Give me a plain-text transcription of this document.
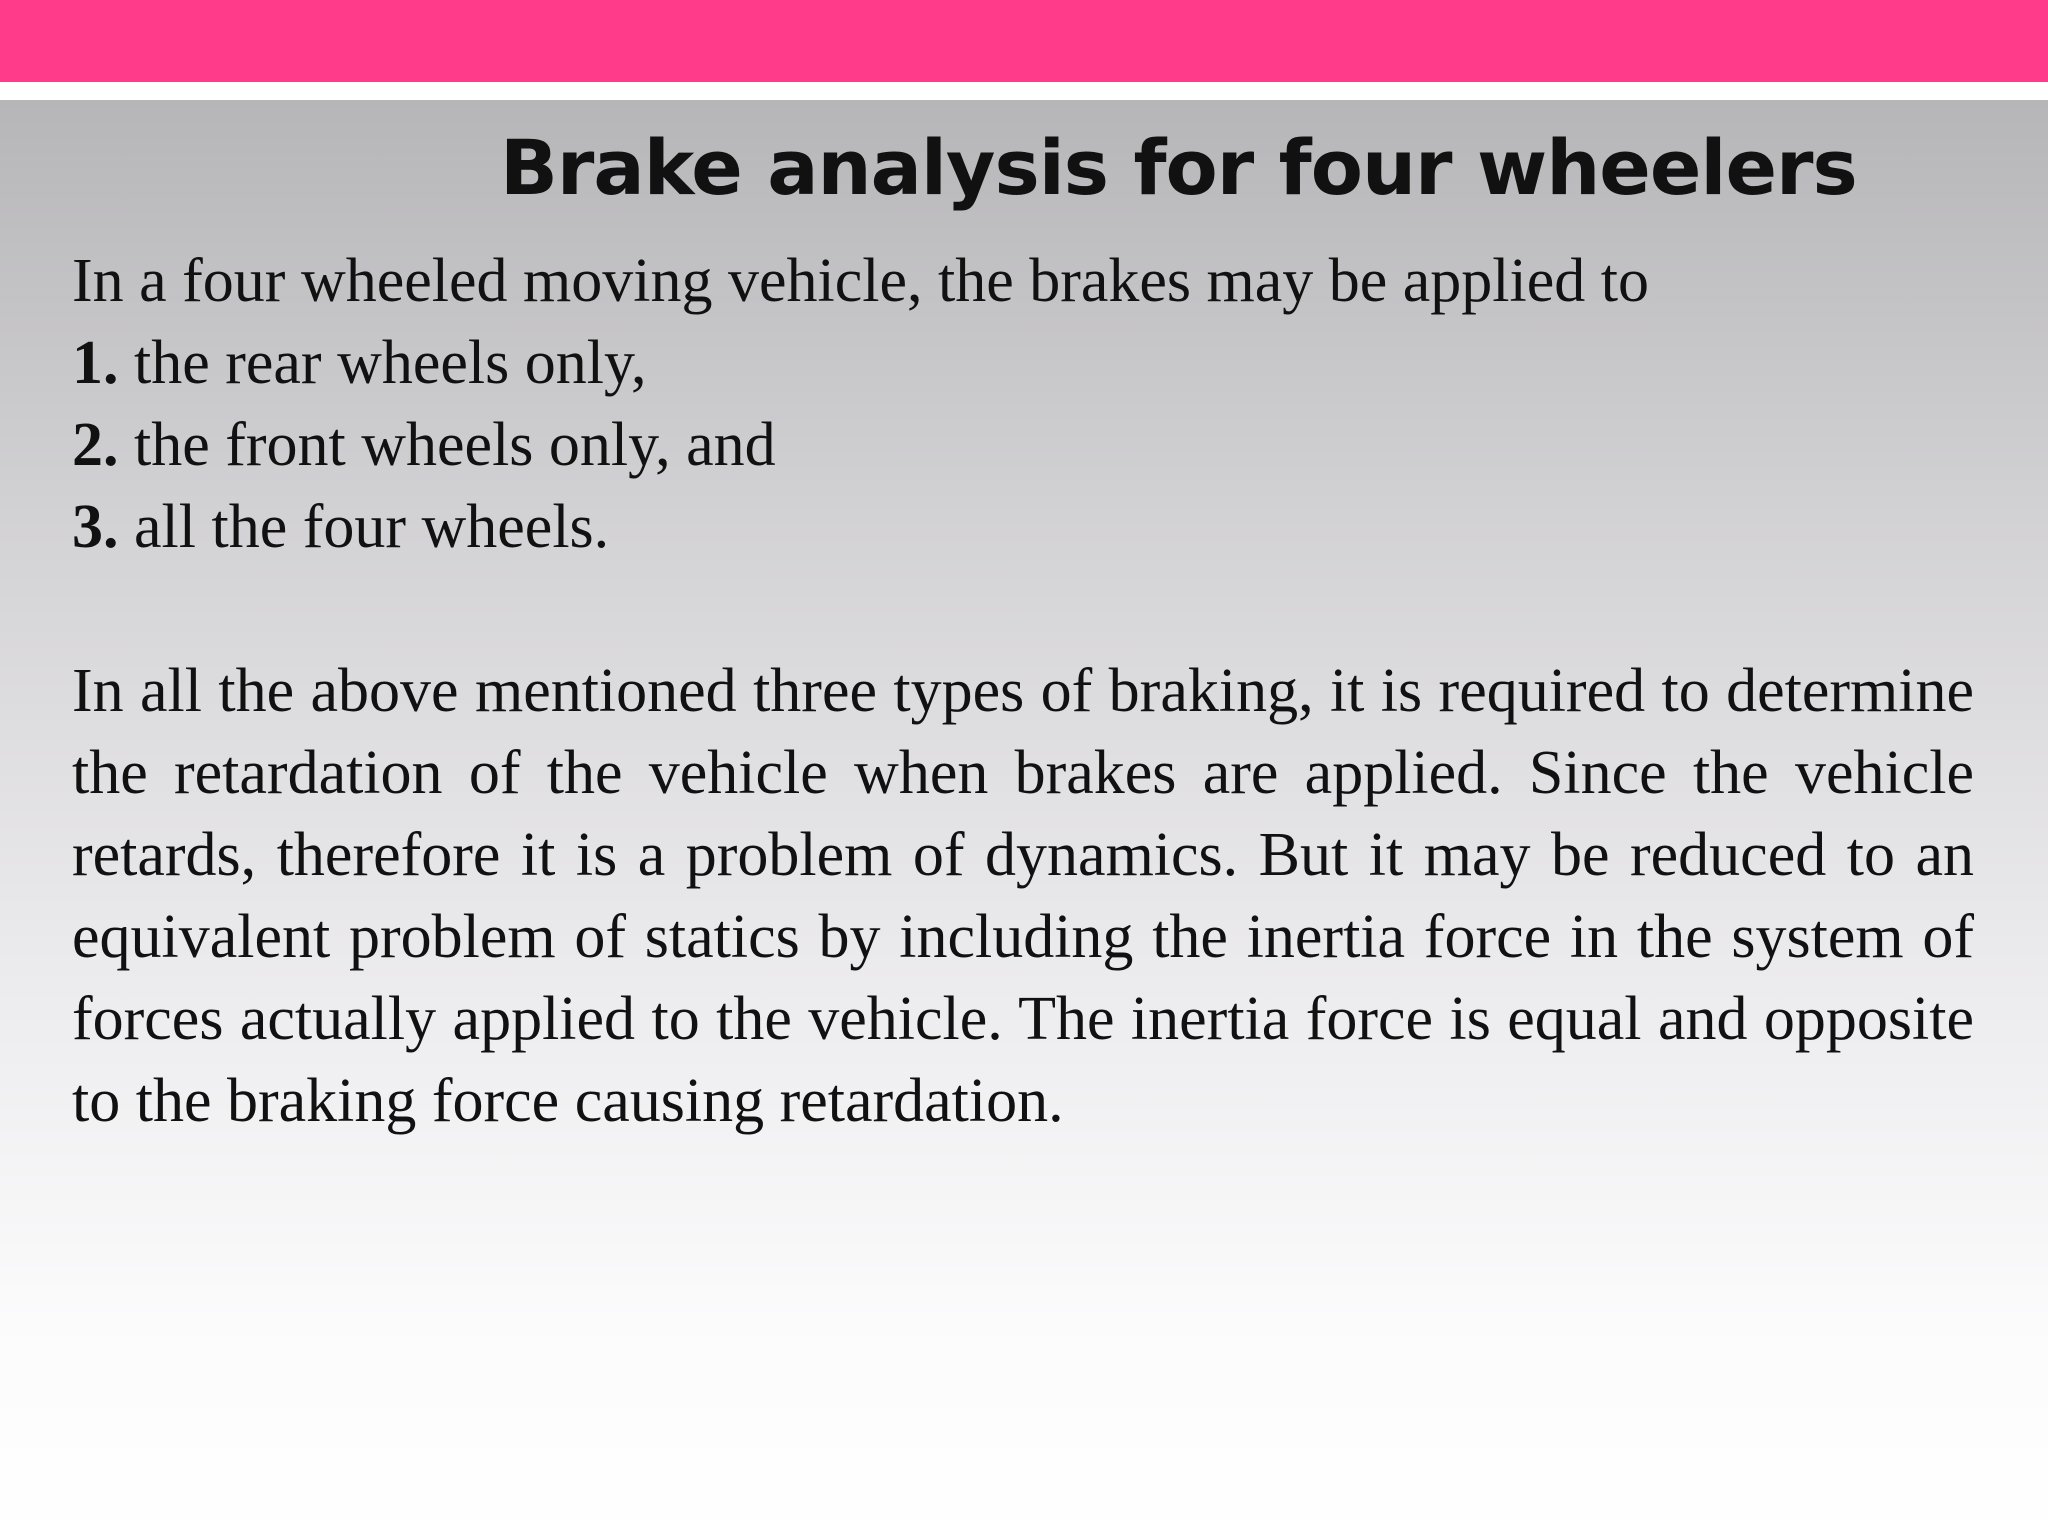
Brake analysis for four wheelers
In a four wheeled moving vehicle, the brakes may be applied to
1. the rear wheels only,
2. the front wheels only, and
3. all the four wheels.
In all the above mentioned three types of braking, it is required to determine the retardation of the vehicle when brakes are applied. Since the vehicle retards, therefore it is a problem of dynamics. But it may be reduced to an equivalent problem of statics by including the inertia force in the system of forces actually applied to the vehicle. The inertia force is equal and opposite to the braking force causing retardation.
